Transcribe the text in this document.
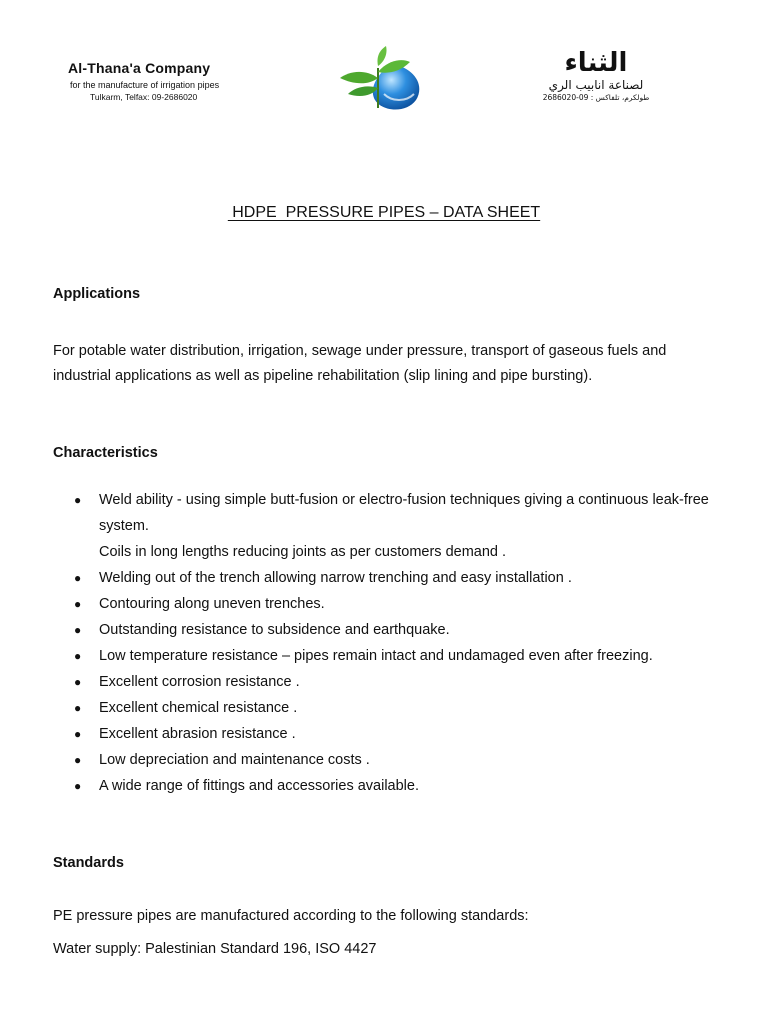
Al-Thana'a Company

for the manufacture of irrigation pipes

Tulkarm, Telfax: 09-2686020

الثناء

لصناعة انابيب الري

طولكرم، تلفاكس : 09-2686020

HDPE  PRESSURE PIPES – DATA SHEET

Applications

For potable water distribution, irrigation, sewage under pressure, transport of gaseous fuels and industrial applications as well as pipeline rehabilitation (slip lining and pipe bursting).

Characteristics

● Weld ability - using simple butt-fusion or electro-fusion techniques giving a continuous leak-free system.
Coils in long lengths reducing joints as per customers demand .
● Welding out of the trench allowing narrow trenching and easy installation .
● Contouring along uneven trenches.
● Outstanding resistance to subsidence and earthquake.
● Low temperature resistance – pipes remain intact and undamaged even after freezing.
● Excellent corrosion resistance .
● Excellent chemical resistance .
● Excellent abrasion resistance .
● Low depreciation and maintenance costs .
● A wide range of fittings and accessories available.

Standards

PE pressure pipes are manufactured according to the following standards:

Water supply: Palestinian Standard 196, ISO 4427
